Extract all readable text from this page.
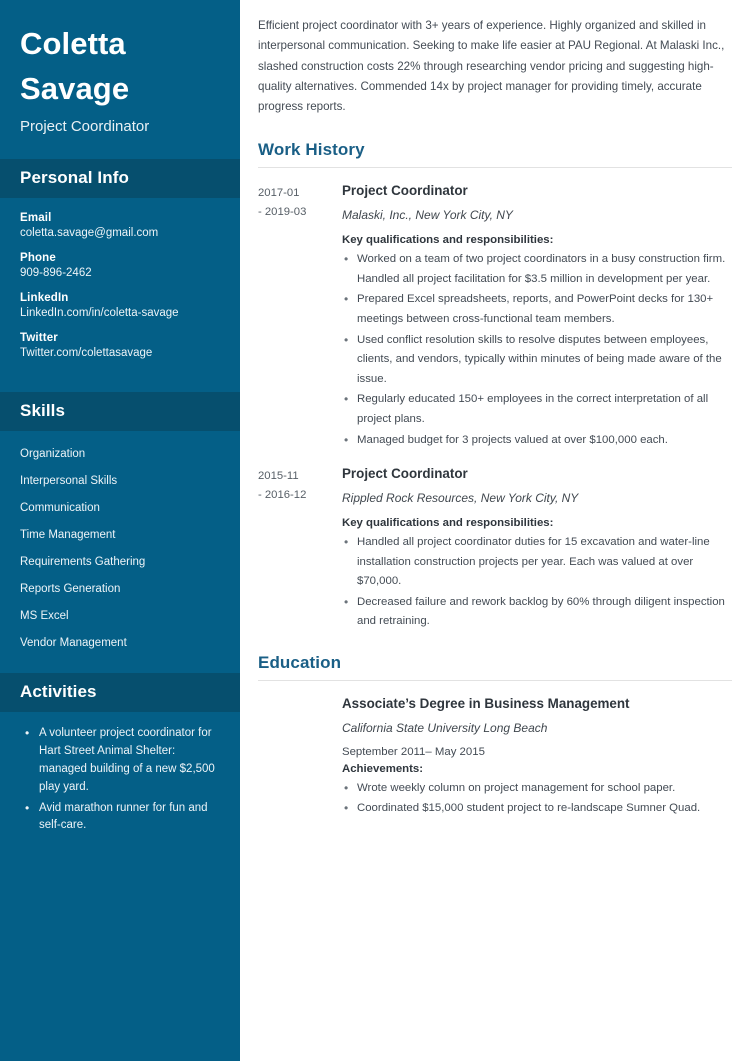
Coletta
Savage
Project Coordinator
Personal Info
Email
coletta.savage@gmail.com
Phone
909-896-2462
LinkedIn
LinkedIn.com/in/coletta-savage
Twitter
Twitter.com/colettasavage
Skills
Organization
Interpersonal Skills
Communication
Time Management
Requirements Gathering
Reports Generation
MS Excel
Vendor Management
Activities
• A volunteer project coordinator for Hart Street Animal Shelter: managed building of a new $2,500 play yard.
• Avid marathon runner for fun and self-care.

Efficient project coordinator with 3+ years of experience. Highly organized and skilled in interpersonal communication. Seeking to make life easier at PAU Regional. At Malaski Inc., slashed construction costs 22% through researching vendor pricing and suggesting high-quality alternatives. Commended 14x by project manager for providing timely, accurate progress reports.

Work History
2017-01
- 2019-03
Project Coordinator
Malaski, Inc., New York City, NY
Key qualifications and responsibilities:
• Worked on a team of two project coordinators in a busy construction firm. Handled all project facilitation for $3.5 million in development per year.
• Prepared Excel spreadsheets, reports, and PowerPoint decks for 130+ meetings between cross-functional team members.
• Used conflict resolution skills to resolve disputes between employees, clients, and vendors, typically within minutes of being made aware of the issue.
• Regularly educated 150+ employees in the correct interpretation of all project plans.
• Managed budget for 3 projects valued at over $100,000 each.
2015-11
- 2016-12
Project Coordinator
Rippled Rock Resources, New York City, NY
Key qualifications and responsibilities:
• Handled all project coordinator duties for 15 excavation and water-line installation construction projects per year. Each was valued at over $70,000.
• Decreased failure and rework backlog by 60% through diligent inspection and retraining.
Education
Associate’s Degree in Business Management
California State University Long Beach
September 2011– May 2015
Achievements:
• Wrote weekly column on project management for school paper.
• Coordinated $15,000 student project to re-landscape Sumner Quad.
